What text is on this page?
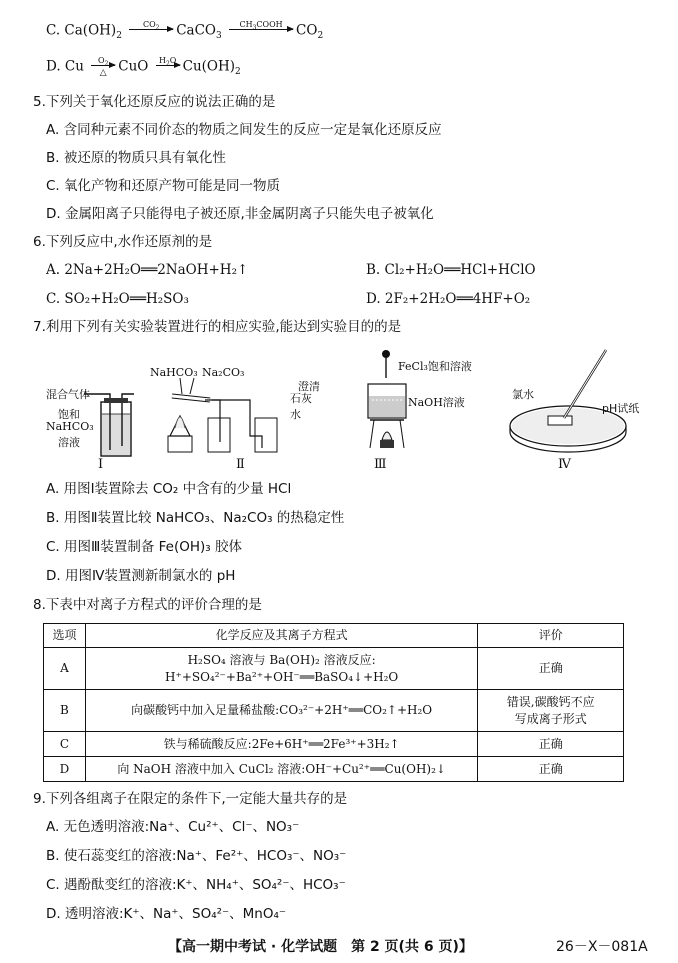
C. $Ca(OH)_2$
$CO_2$ CaCO$_3$
$CH_3COOH$ $CO_2$
D. Cu $O_2$
△ CuO $H_2O$ $Cu(OH)_2$
5.下列关于氧化还原反应的说法正确的是
A. 含同种元素不同价态的物质之间发生的反应一定是氧化还原反应
B. 被还原的物质只具有氧化性
C. 氧化产物和还原产物可能是同一物质
D. 金属阳离子只能得电子被还原,非金属阴离子只能失电子被氧化
6.下列反应中,水作还原剂的是
A. 2Na+2H₂O══2NaOH+H₂↑	B. Cl₂+H₂O══HCl+HClO
C. SO₂+H₂O══H₂SO₃	D. 2F₂+2H₂O══4HF+O₂
7.利用下列有关实验装置进行的相应实验,能达到实验目的的是
混合气体
饱和
NaHCO₃
溶液
Ⅰ
NaHCO₃ Na₂CO₃
澄清
石灰水
Ⅱ
FeCl₃饱和溶液
NaOH溶液
Ⅲ
氯水
pH试纸
Ⅳ
A. 用图Ⅰ装置除去 CO₂ 中含有的少量 HCl
B. 用图Ⅱ装置比较 NaHCO₃、Na₂CO₃ 的热稳定性
C. 用图Ⅲ装置制备 Fe(OH)₃ 胶体
D. 用图Ⅳ装置测新制氯水的 pH
8.下表中对离子方程式的评价合理的是
选项	化学反应及其离子方程式	评价
A	H₂SO₄ 溶液与 Ba(OH)₂ 溶液反应:
H⁺+SO₄²⁻+Ba²⁺+OH⁻══BaSO₄↓+H₂O	正确
B	向碳酸钙中加入足量稀盐酸:CO₃²⁻+2H⁺══CO₂↑+H₂O	错误,碳酸钙不应
写成离子形式

C	铁与稀硫酸反应:2Fe+6H⁺══2Fe³⁺+3H₂↑	正确
D	向 NaOH 溶液中加入 CuCl₂ 溶液:OH⁻+Cu²⁺══Cu(OH)₂↓	正确
9.下列各组离子在限定的条件下,一定能大量共存的是
A. 无色透明溶液:Na⁺、Cu²⁺、Cl⁻、NO₃⁻
B. 使石蕊变红的溶液:Na⁺、Fe²⁺、HCO₃⁻、NO₃⁻
C. 遇酚酞变红的溶液:K⁺、NH₄⁺、SO₄²⁻、HCO₃⁻
D. 透明溶液:K⁺、Na⁺、SO₄²⁻、MnO₄⁻
【高一期中考试 · 化学试题　第 2 页(共 6 页)】	26－X－081A
